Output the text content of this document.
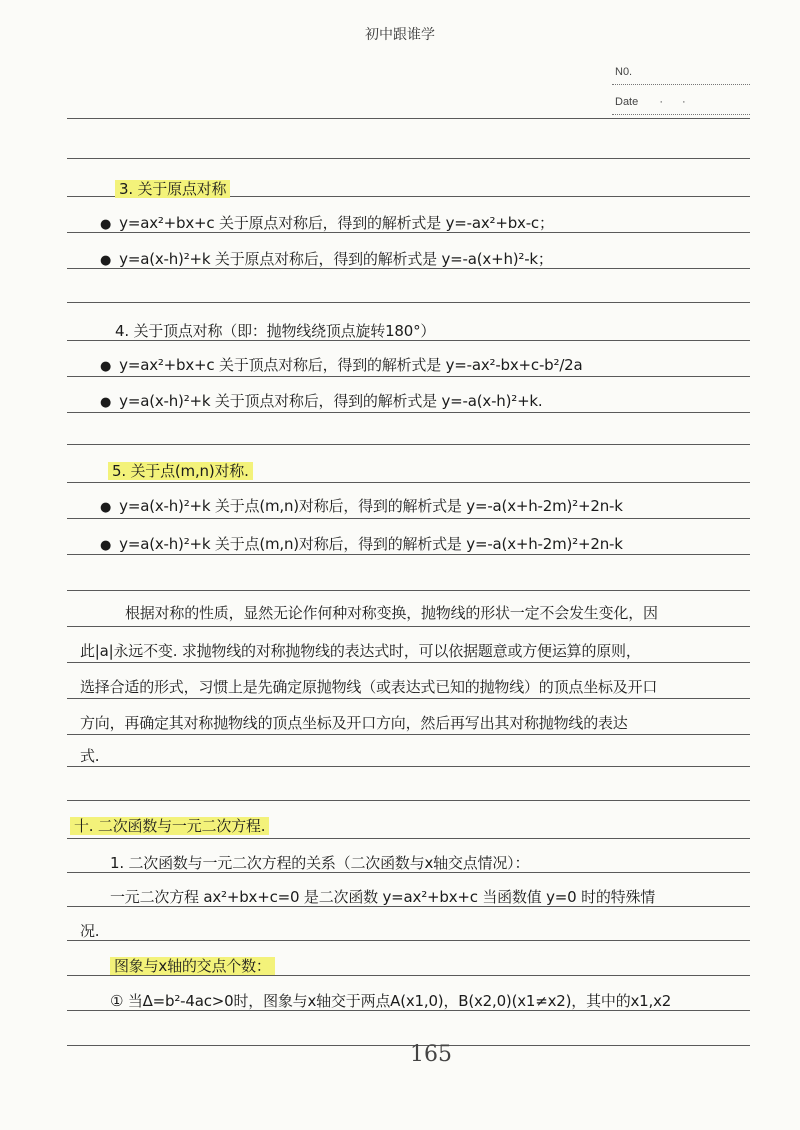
初中跟谁学
N0.
Date · ·
3. 关于原点对称
● y=ax²+bx+c 关于原点对称后，得到的解析式是 y=-ax²+bx-c；
● y=a(x-h)²+k 关于原点对称后，得到的解析式是 y=-a(x+h)²-k；
4. 关于顶点对称（即：抛物线绕顶点旋转180°）
● y=ax²+bx+c 关于顶点对称后，得到的解析式是 y=-ax²-bx+c-b²/2a
● y=a(x-h)²+k 关于顶点对称后，得到的解析式是 y=-a(x-h)²+k.
5. 关于点(m,n)对称.
● y=a(x-h)²+k 关于点(m,n)对称后，得到的解析式是 y=-a(x+h-2m)²+2n-k
● y=a(x-h)²+k 关于点(m,n)对称后，得到的解析式是 y=-a(x+h-2m)²+2n-k
根据对称的性质，显然无论作何种对称变换，抛物线的形状一定不会发生变化，因
此|a|永远不变. 求抛物线的对称抛物线的表达式时，可以依据题意或方便运算的原则，
选择合适的形式，习惯上是先确定原抛物线（或表达式已知的抛物线）的顶点坐标及开口
方向，再确定其对称抛物线的顶点坐标及开口方向，然后再写出其对称抛物线的表达
式.
十. 二次函数与一元二次方程.
1. 二次函数与一元二次方程的关系（二次函数与x轴交点情况）：
一元二次方程 ax²+bx+c=0 是二次函数 y=ax²+bx+c 当函数值 y=0 时的特殊情
况.
图象与x轴的交点个数：
① 当Δ=b²-4ac>0时，图象与x轴交于两点A(x1,0)，B(x2,0)(x1≠x2)，其中的x1,x2
165
